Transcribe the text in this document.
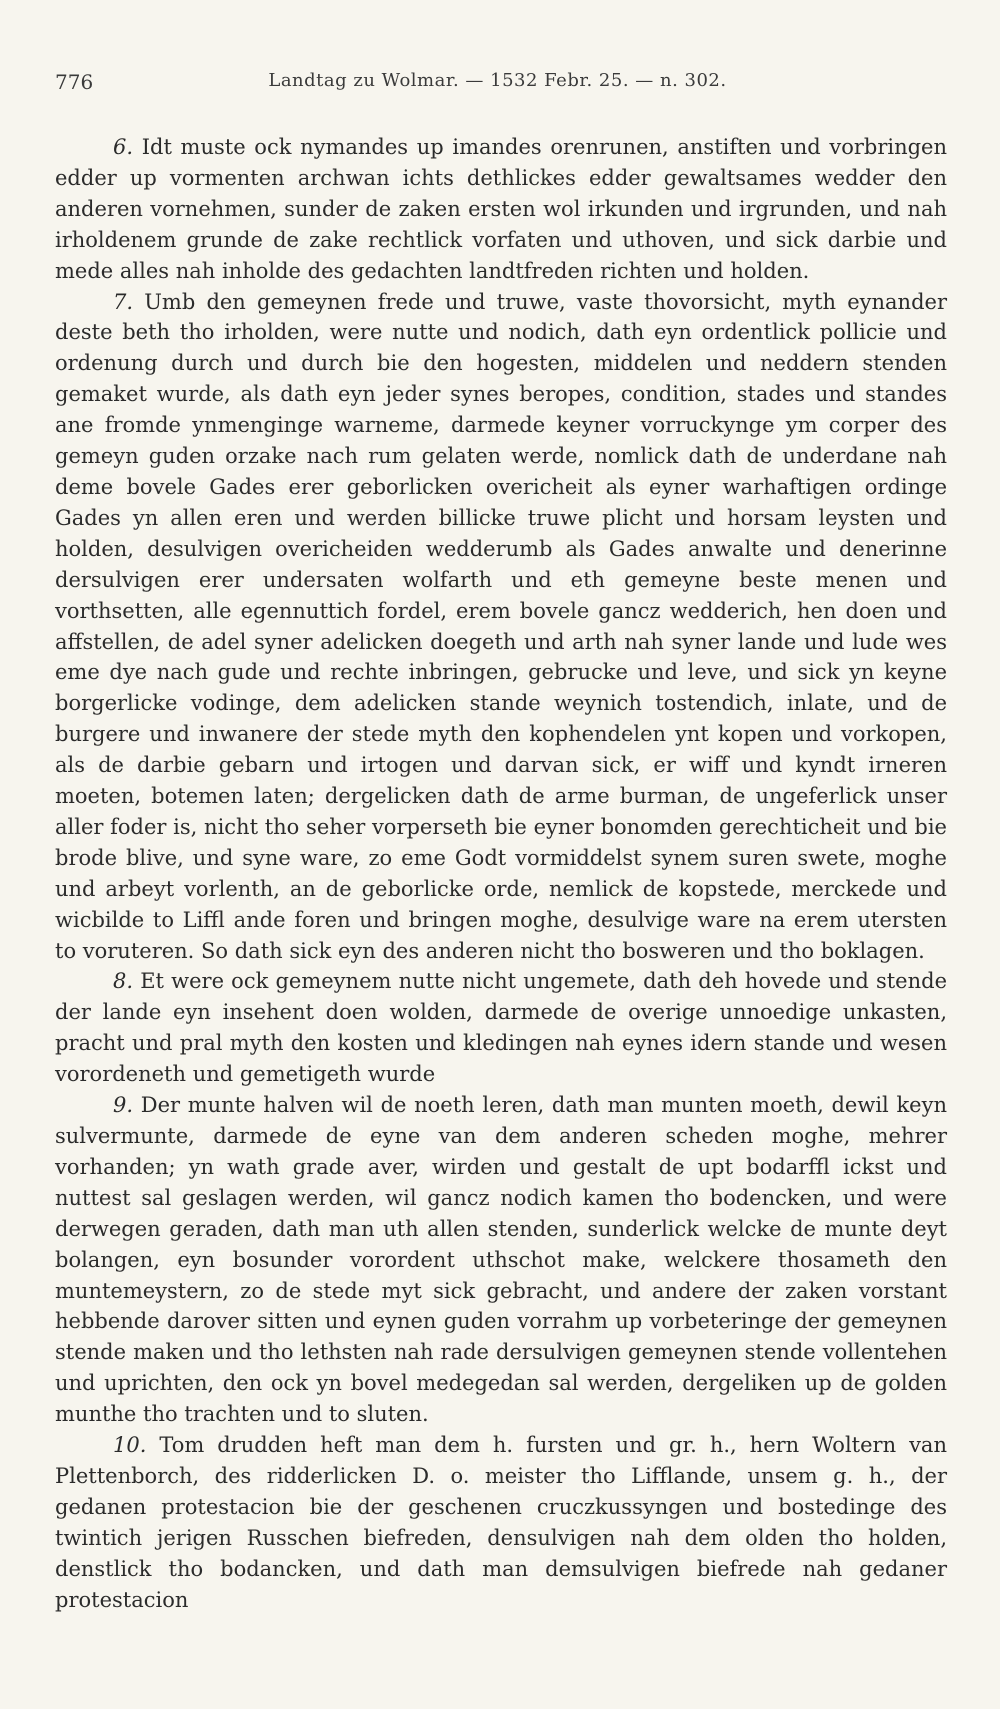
776	Landtag zu Wolmar. — 1532 Febr. 25. — n. 302.

6. Idt muste ock nymandes up imandes orenrunen, anstiften und vorbringen edder up vormenten archwan ichts dethlickes edder gewaltsames wedder den anderen vornehmen, sunder de zaken ersten wol irkunden und irgrunden, und nah irholdenem grunde de zake rechtlick vorfaten und uthoven, und sick darbie und mede alles nah inholde des gedachten landtfreden richten und holden.

7. Umb den gemeynen frede und truwe, vaste thovorsicht, myth eynander deste beth tho irholden, were nutte und nodich, dath eyn ordentlick pollicie und ordenung durch und durch bie den hogesten, middelen und neddern stenden gemaket wurde, als dath eyn jeder synes beropes, condition, stades und standes ane fromde ynmenginge warneme, darmede keyner vorruckynge ym corper des gemeyn guden orzake nach rum gelaten werde, nomlick dath de underdane nah deme bovele Gades erer geborlicken overicheit als eyner warhaftigen ordinge Gades yn allen eren und werden billicke truwe plicht und horsam leysten und holden, desulvigen overicheiden wedderumb als Gades anwalte und denerinne dersulvigen erer undersaten wolfarth und eth gemeyne beste menen und vorthsetten, alle egennuttich fordel, erem bovele gancz wedderich, hen doen und affstellen, de adel syner adelicken doegeth und arth nah syner lande und lude wes eme dye nach gude und rechte inbringen, gebrucke und leve, und sick yn keyne borgerlicke vodinge, dem adelicken stande weynich tostendich, inlate, und de burgere und inwanere der stede myth den kophendelen ynt kopen und vorkopen, als de darbie gebarn und irtogen und darvan sick, er wiff und kyndt irneren moeten, botemen laten; dergelicken dath de arme burman, de ungeferlick unser aller foder is, nicht tho seher vorperseth bie eyner bonomden gerechticheit und bie brode blive, und syne ware, zo eme Godt vormiddelst synem suren swete, moghe und arbeyt vorlenth, an de geborlicke orde, nemlick de kopstede, merckede und wicbilde to Liffl ande foren und bringen moghe, desulvige ware na erem utersten to voruteren. So dath sick eyn des anderen nicht tho bosweren und tho boklagen.

8. Et were ock gemeynem nutte nicht ungemete, dath deh hovede und stende der lande eyn insehent doen wolden, darmede de overige unnoedige unkasten, pracht und pral myth den kosten und kledingen nah eynes idern stande und wesen vorordeneth und gemetigeth wurde

9. Der munte halven wil de noeth leren, dath man munten moeth, dewil keyn sulvermunte, darmede de eyne van dem anderen scheden moghe, mehrer vorhanden; yn wath grade aver, wirden und gestalt de upt bodarffl ickst und nuttest sal geslagen werden, wil gancz nodich kamen tho bodencken, und were derwegen geraden, dath man uth allen stenden, sunderlick welcke de munte deyt bolangen, eyn bosunder vorordent uthschot make, welckere thosameth den muntemeystern, zo de stede myt sick gebracht, und andere der zaken vorstant hebbende darover sitten und eynen guden vorrahm up vorbeteringe der gemeynen stende maken und tho lethsten nah rade dersulvigen gemeynen stende vollentehen und uprichten, den ock yn bovel medegedan sal werden, dergeliken up de golden munthe tho trachten und to sluten.

10. Tom drudden heft man dem h. fursten und gr. h., hern Woltern van Plettenborch, des ridderlicken D. o. meister tho Lifflande, unsem g. h., der gedanen protestacion bie der geschenen cruczkussyngen und bostedinge des twintich jerigen Russchen biefreden, densulvigen nah dem olden tho holden, denstlick tho bodancken, und dath man demsulvigen biefrede nah gedaner protestacion
